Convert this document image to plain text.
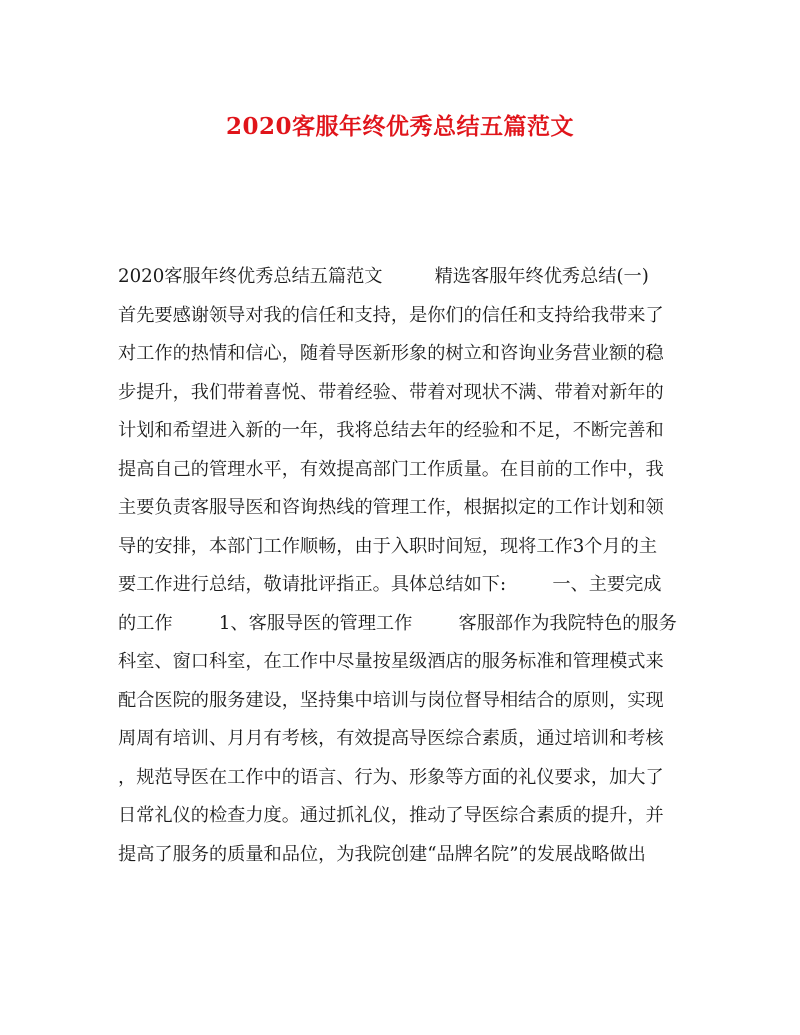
2020客服年终优秀总结五篇范文
2020客服年终优秀总结五篇范文         精选客服年终优秀总结(一)
首先要感谢领导对我的信任和支持，是你们的信任和支持给我带来了
对工作的热情和信心，随着导医新形象的树立和咨询业务营业额的稳
步提升，我们带着喜悦、带着经验、带着对现状不满、带着对新年的
计划和希望进入新的一年，我将总结去年的经验和不足，不断完善和
提高自己的管理水平，有效提高部门工作质量。在目前的工作中，我
主要负责客服导医和咨询热线的管理工作，根据拟定的工作计划和领
导的安排，本部门工作顺畅，由于入职时间短，现将工作3个月的主
要工作进行总结，敬请批评指正。具体总结如下:        一、主要完成
的工作        1、客服导医的管理工作        客服部作为我院特色的服务
科室、窗口科室，在工作中尽量按星级酒店的服务标准和管理模式来
配合医院的服务建设，坚持集中培训与岗位督导相结合的原则，实现
周周有培训、月月有考核，有效提高导医综合素质，通过培训和考核
，规范导医在工作中的语言、行为、形象等方面的礼仪要求，加大了
日常礼仪的检查力度。通过抓礼仪，推动了导医综合素质的提升，并
提高了服务的质量和品位，为我院创建“品牌名院”的发展战略做出
